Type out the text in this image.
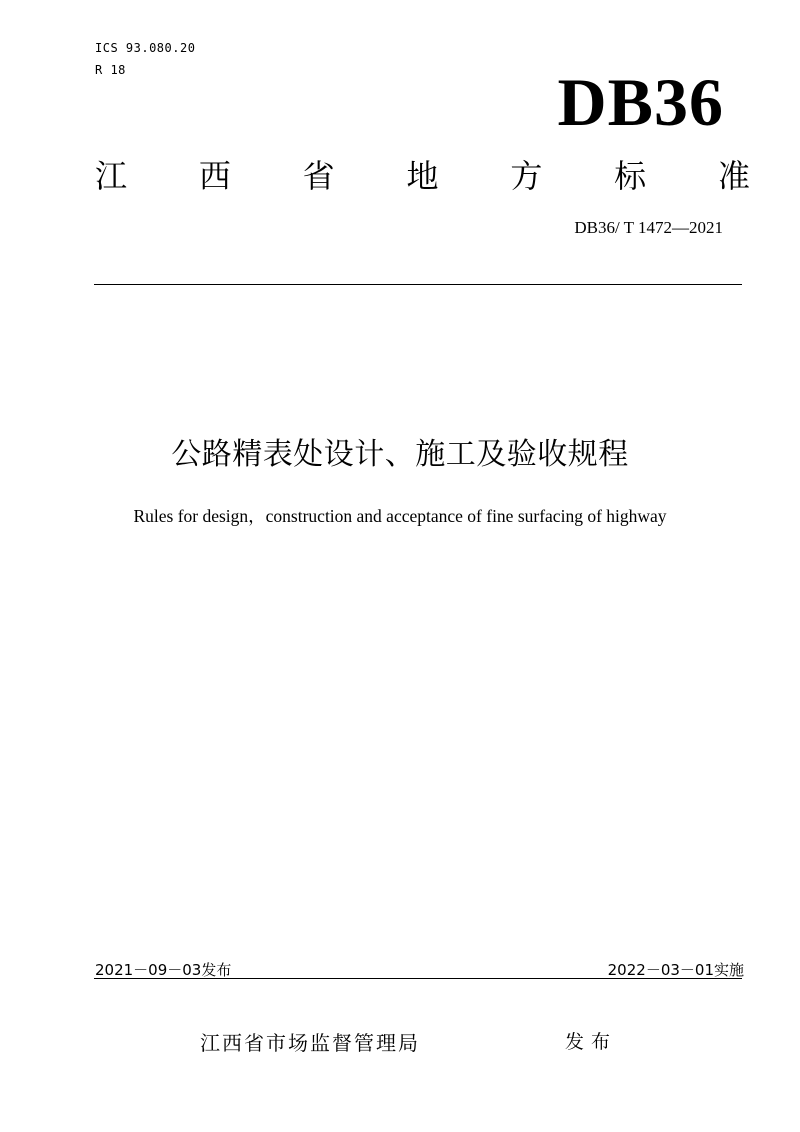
ICS 93.080.20
R 18	DB36
江 西 省 地 方 标 准
DB36/ T 1472—2021
公路精表处设计、施工及验收规程
Rules for design，construction and acceptance of fine surfacing of highway
2021－09－03发布	2022－03－01实施
江西省市场监督管理局	发布
